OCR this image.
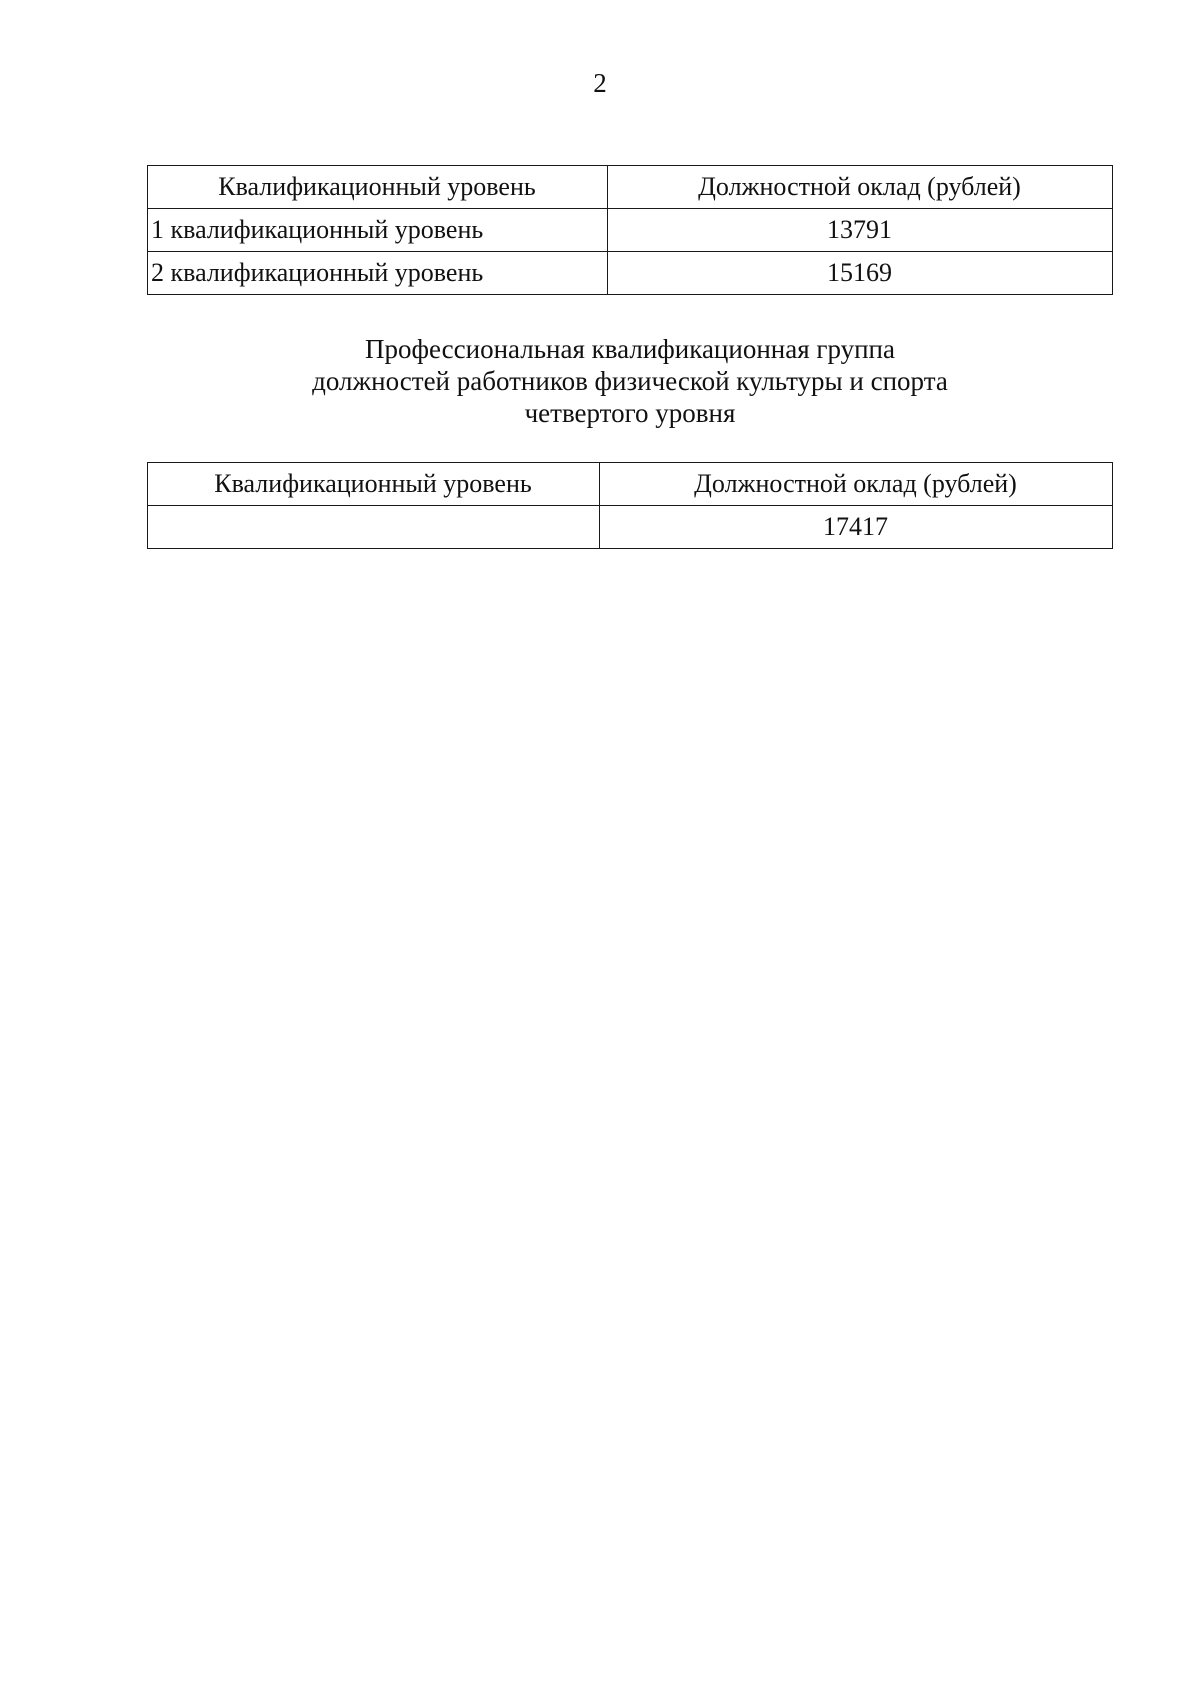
2
Квалификационный уровень	Должностной оклад (рублей)
1 квалификационный уровень	13791
2 квалификационный уровень	15169
Профессиональная квалификационная группа
должностей работников физической культуры и спорта
четвертого уровня
Квалификационный уровень	Должностной оклад (рублей)
	17417
